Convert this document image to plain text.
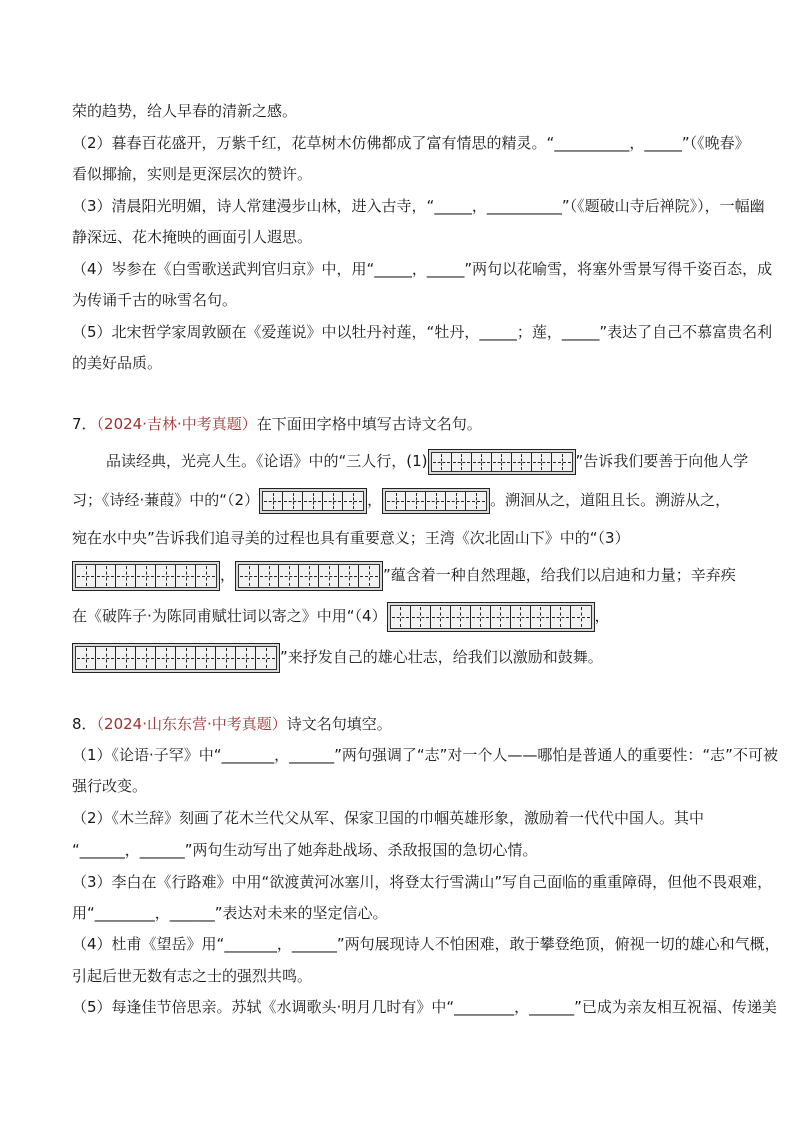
荣的趋势，给人早春的清新之感。
（2）暮春百花盛开，万紫千红，花草树木仿佛都成了富有情思的精灵。“__________，_____”（《晚春》
看似揶揄，实则是更深层次的赞许。
（3）清晨阳光明媚，诗人常建漫步山林，进入古寺，“_____，__________”（《题破山寺后禅院》），一幅幽
静深远、花木掩映的画面引人遐思。
（4）岑参在《白雪歌送武判官归京》中，用“_____，_____”两句以花喻雪，将塞外雪景写得千姿百态，成
为传诵千古的咏雪名句。
（5）北宋哲学家周敦颐在《爱莲说》中以牡丹衬莲，“牡丹，_____；莲，_____”表达了自己不慕富贵名利
的美好品质。
7．（2024·吉林·中考真题）在下面田字格中填写古诗文名句。
品读经典，光亮人生。《论语》中的“三人行，(1)	”告诉我们要善于向他人学
习；《诗经·蒹葭》中的“（2）	，	。溯洄从之，道阻且长。溯游从之，
宛在水中央”告诉我们追寻美的过程也具有重要意义；王湾《次北固山下》中的“（3）
，	”蕴含着一种自然理趣，给我们以启迪和力量；辛弃疾
在《破阵子·为陈同甫赋壮词以寄之》中用“（4）	，
”来抒发自己的雄心壮志，给我们以激励和鼓舞。
8．（2024·山东东营·中考真题）诗文名句填空。
（1）《论语·子罕》中“_______，______”两句强调了“志”对一个人——哪怕是普通人的重要性：“志”不可被
强行改变。
（2）《木兰辞》刻画了花木兰代父从军、保家卫国的巾帼英雄形象，激励着一代代中国人。其中
“______，______”两句生动写出了她奔赴战场、杀敌报国的急切心情。
（3）李白在《行路难》中用“欲渡黄河冰塞川，将登太行雪满山”写自己面临的重重障碍，但他不畏艰难，
用“________，______”表达对未来的坚定信心。
（4）杜甫《望岳》用“_______，______”两句展现诗人不怕困难，敢于攀登绝顶，俯视一切的雄心和气概，
引起后世无数有志之士的强烈共鸣。
（5）每逢佳节倍思亲。苏轼《水调歌头·明月几时有》中“________，______”已成为亲友相互祝福、传递美
